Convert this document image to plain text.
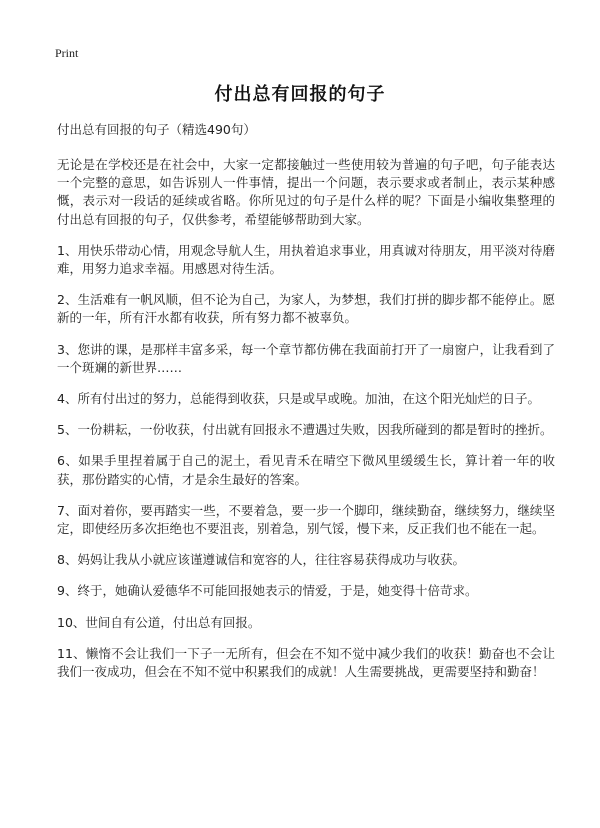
Print
付出总有回报的句子

付出总有回报的句子（精选490句）

无论是在学校还是在社会中，大家一定都接触过一些使用较为普遍的句子吧，句子能表达一个完整的意思，如告诉别人一件事情，提出一个问题，表示要求或者制止，表示某种感慨，表示对一段话的延续或省略。你所见过的句子是什么样的呢？下面是小编收集整理的付出总有回报的句子，仅供参考，希望能够帮助到大家。

1、用快乐带动心情，用观念导航人生，用执着追求事业，用真诚对待朋友，用平淡对待磨难，用努力追求幸福。用感恩对待生活。

2、生活难有一帆风顺，但不论为自己，为家人，为梦想，我们打拼的脚步都不能停止。愿新的一年，所有汗水都有收获，所有努力都不被辜负。

3、您讲的课，是那样丰富多采，每一个章节都仿佛在我面前打开了一扇窗户，让我看到了一个斑斓的新世界……

4、所有付出过的努力，总能得到收获，只是或早或晚。加油，在这个阳光灿烂的日子。

5、一份耕耘，一份收获，付出就有回报永不遭遇过失败，因我所碰到的都是暂时的挫折。

6、如果手里捏着属于自己的泥土，看见青禾在晴空下微风里缓缓生长，算计着一年的收获，那份踏实的心情，才是余生最好的答案。

7、面对着你，要再踏实一些，不要着急，要一步一个脚印，继续勤奋，继续努力，继续坚定，即使经历多次拒绝也不要沮丧，别着急，别气馁，慢下来，反正我们也不能在一起。

8、妈妈让我从小就应该谨遵诚信和宽容的人，往往容易获得成功与收获。

9、终于，她确认爱德华不可能回报她表示的情爱，于是，她变得十倍苛求。

10、世间自有公道，付出总有回报。

11、懒惰不会让我们一下子一无所有，但会在不知不觉中减少我们的收获！勤奋也不会让我们一夜成功，但会在不知不觉中积累我们的成就！人生需要挑战，更需要坚持和勤奋！
